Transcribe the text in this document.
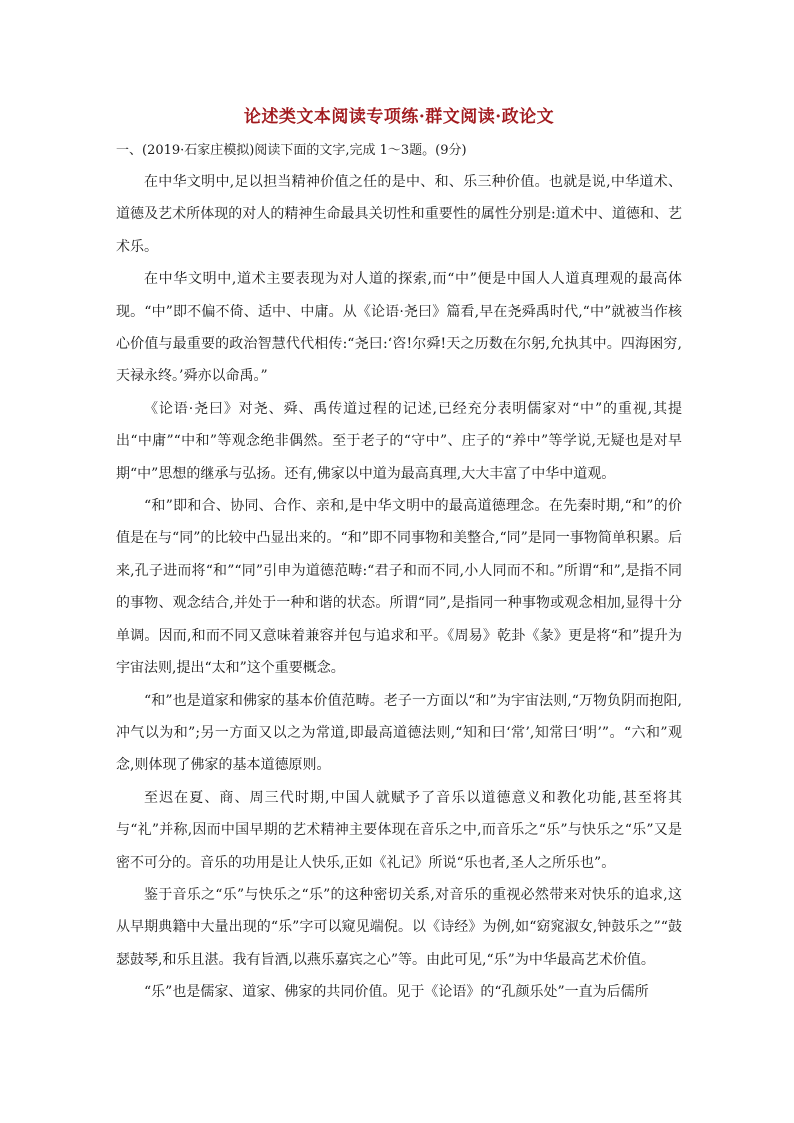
论述类文本阅读专项练·群文阅读·政论文
一、(2019·石家庄模拟)阅读下面的文字,完成 1～3题。(9分)

在中华文明中,足以担当精神价值之任的是中、和、乐三种价值。也就是说,中华道术、道德及艺术所体现的对人的精神生命最具关切性和重要性的属性分别是:道术中、道德和、艺术乐。

在中华文明中,道术主要表现为对人道的探索,而“中”便是中国人人道真理观的最高体现。“中”即不偏不倚、适中、中庸。从《论语·尧曰》篇看,早在尧舜禹时代,“中”就被当作核心价值与最重要的政治智慧代代相传:“尧曰:‘咨!尔舜!天之历数在尔躬,允执其中。四海困穷,天禄永终。’舜亦以命禹。”

《论语·尧曰》对尧、舜、禹传道过程的记述,已经充分表明儒家对“中”的重视,其提出“中庸”“中和”等观念绝非偶然。至于老子的“守中”、庄子的“养中”等学说,无疑也是对早期“中”思想的继承与弘扬。还有,佛家以中道为最高真理,大大丰富了中华中道观。

“和”即和合、协同、合作、亲和,是中华文明中的最高道德理念。在先秦时期,“和”的价值是在与“同”的比较中凸显出来的。“和”即不同事物和美整合,“同”是同一事物简单积累。后来,孔子进而将“和”“同”引申为道德范畴:“君子和而不同,小人同而不和。”所谓“和”,是指不同的事物、观念结合,并处于一种和谐的状态。所谓“同”,是指同一种事物或观念相加,显得十分单调。因而,和而不同又意味着兼容并包与追求和平。《周易》乾卦《彖》更是将“和”提升为宇宙法则,提出“太和”这个重要概念。

“和”也是道家和佛家的基本价值范畴。老子一方面以“和”为宇宙法则,“万物负阴而抱阳,冲气以为和”;另一方面又以之为常道,即最高道德法则,“知和曰‘常’,知常曰‘明’”。“六和”观念,则体现了佛家的基本道德原则。

至迟在夏、商、周三代时期,中国人就赋予了音乐以道德意义和教化功能,甚至将其与“礼”并称,因而中国早期的艺术精神主要体现在音乐之中,而音乐之“乐”与快乐之“乐”又是密不可分的。音乐的功用是让人快乐,正如《礼记》所说“乐也者,圣人之所乐也”。

鉴于音乐之“乐”与快乐之“乐”的这种密切关系,对音乐的重视必然带来对快乐的追求,这从早期典籍中大量出现的“乐”字可以窥见端倪。以《诗经》为例,如“窈窕淑女,钟鼓乐之”“鼓瑟鼓琴,和乐且湛。我有旨酒,以燕乐嘉宾之心”等。由此可见,“乐”为中华最高艺术价值。

“乐”也是儒家、道家、佛家的共同价值。见于《论语》的“孔颜乐处”一直为后儒所
